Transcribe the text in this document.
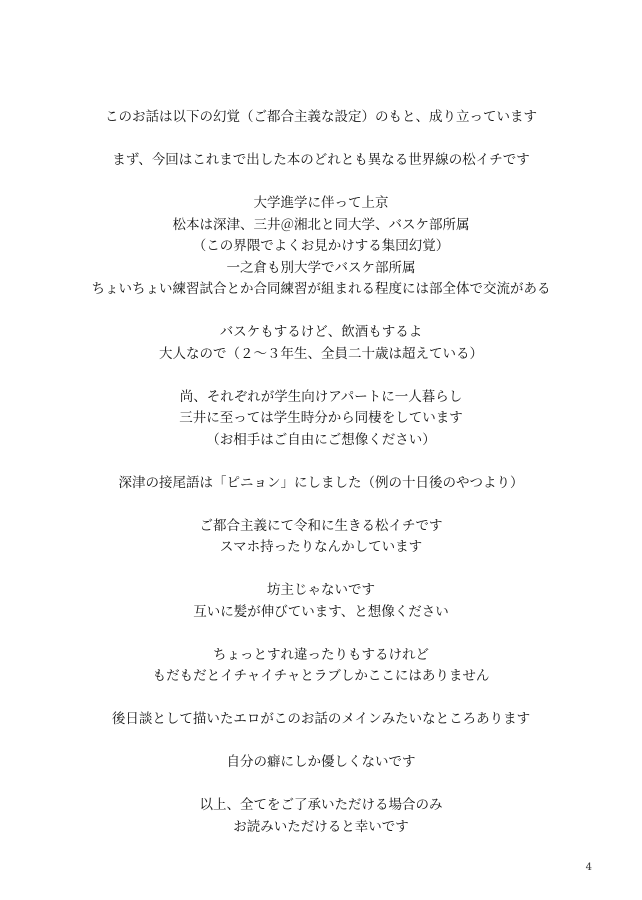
このお話は以下の幻覚（ご都合主義な設定）のもと、成り立っています
まず、今回はこれまで出した本のどれとも異なる世界線の松イチです
大学進学に伴って上京
松本は深津、三井＠湘北と同大学、バスケ部所属
（この界隈でよくお見かけする集団幻覚）
一之倉も別大学でバスケ部所属
ちょいちょい練習試合とか合同練習が組まれる程度には部全体で交流がある
バスケもするけど、飲酒もするよ
大人なので（２〜３年生、全員二十歳は超えている）
尚、それぞれが学生向けアパートに一人暮らし
三井に至っては学生時分から同棲をしています
（お相手はご自由にご想像ください）
深津の接尾語は「ピニョン」にしました（例の十日後のやつより）
ご都合主義にて令和に生きる松イチです
スマホ持ったりなんかしています
坊主じゃないです
互いに髪が伸びています、と想像ください
ちょっとすれ違ったりもするけれど
もだもだとイチャイチャとラブしかここにはありません
後日談として描いたエロがこのお話のメインみたいなところあります
自分の癖にしか優しくないです
以上、全てをご了承いただける場合のみ
お読みいただけると幸いです
4
